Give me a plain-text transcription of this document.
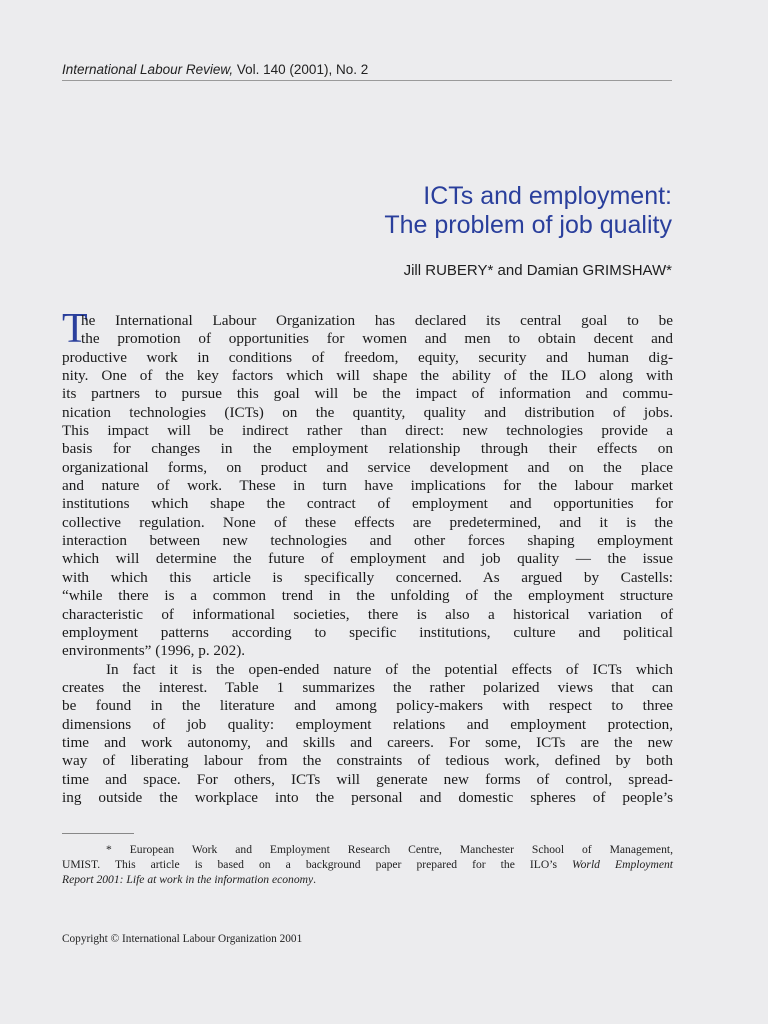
International Labour Review, Vol. 140 (2001), No. 2
ICTs and employment:
The problem of job quality
Jill RUBERY* and Damian GRIMSHAW*
T
he International Labour Organization has declared its central goal to be
the promotion of opportunities for women and men to obtain decent and
productive work in conditions of freedom, equity, security and human dig-
nity. One of the key factors which will shape the ability of the ILO along with
its partners to pursue this goal will be the impact of information and commu-
nication technologies (ICTs) on the quantity, quality and distribution of jobs.
This impact will be indirect rather than direct: new technologies provide a
basis for changes in the employment relationship through their effects on
organizational forms, on product and service development and on the place
and nature of work. These in turn have implications for the labour market
institutions which shape the contract of employment and opportunities for
collective regulation. None of these effects are predetermined, and it is the
interaction between new technologies and other forces shaping employment
which will determine the future of employment and job quality — the issue
with which this article is specifically concerned. As argued by Castells:
“while there is a common trend in the unfolding of the employment structure
characteristic of informational societies, there is also a historical variation of
employment patterns according to specific institutions, culture and political
environments” (1996, p. 202).
In fact it is the open-ended nature of the potential effects of ICTs which
creates the interest. Table 1 summarizes the rather polarized views that can
be found in the literature and among policy-makers with respect to three
dimensions of job quality: employment relations and employment protection,
time and work autonomy, and skills and careers. For some, ICTs are the new
way of liberating labour from the constraints of tedious work, defined by both
time and space. For others, ICTs will generate new forms of control, spread-
ing outside the workplace into the personal and domestic spheres of people’s
* European Work and Employment Research Centre, Manchester School of Management,
UMIST. This article is based on a background paper prepared for the ILO’s World Employment
Report 2001: Life at work in the information economy.
Copyright © International Labour Organization 2001
